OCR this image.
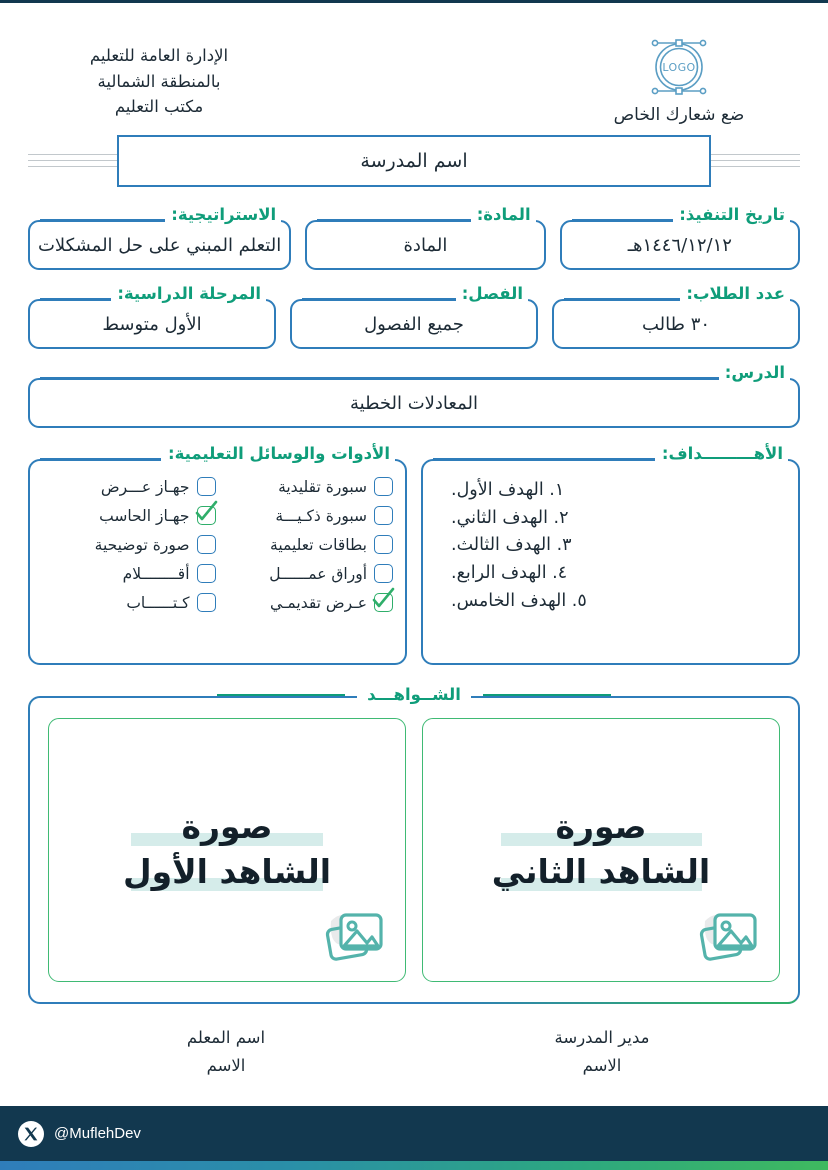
الإدارة العامة للتعليم
بالمنطقة الشمالية
مكتب التعليم
LOGO
ضع شعارك الخاص
اسم المدرسة
تاريخ التنفيذ:
١٤٤٦/١٢/١٢هـ
المادة:
المادة
الاستراتيجية:
التعلم المبني على حل المشكلات
عدد الطلاب:
٣٠ طالب
الفصل:
جميع الفصول
المرحلة الدراسية:
الأول متوسط
الدرس:
المعادلات الخطية
الأهـــــــــداف:
١. الهدف الأول.
٢. الهدف الثاني.
٣. الهدف الثالث.
٤. الهدف الرابع.
٥. الهدف الخامس.
الأدوات والوسائل التعليمية:
سبورة تقليدية
جهـاز عـــرض
سبورة ذكـيـــة
جهـاز الحاسب
بطاقات تعليمية
صورة توضيحية
أوراق عمــــــل
أقــــــــلام
عـرض تقديمـي
كـتــــــاب
الشــواهـــد
صورة
الشاهد الثاني
صورة
الشاهد الأول
مدير المدرسة
الاسم
اسم المعلم
الاسم
@MuflehDev
